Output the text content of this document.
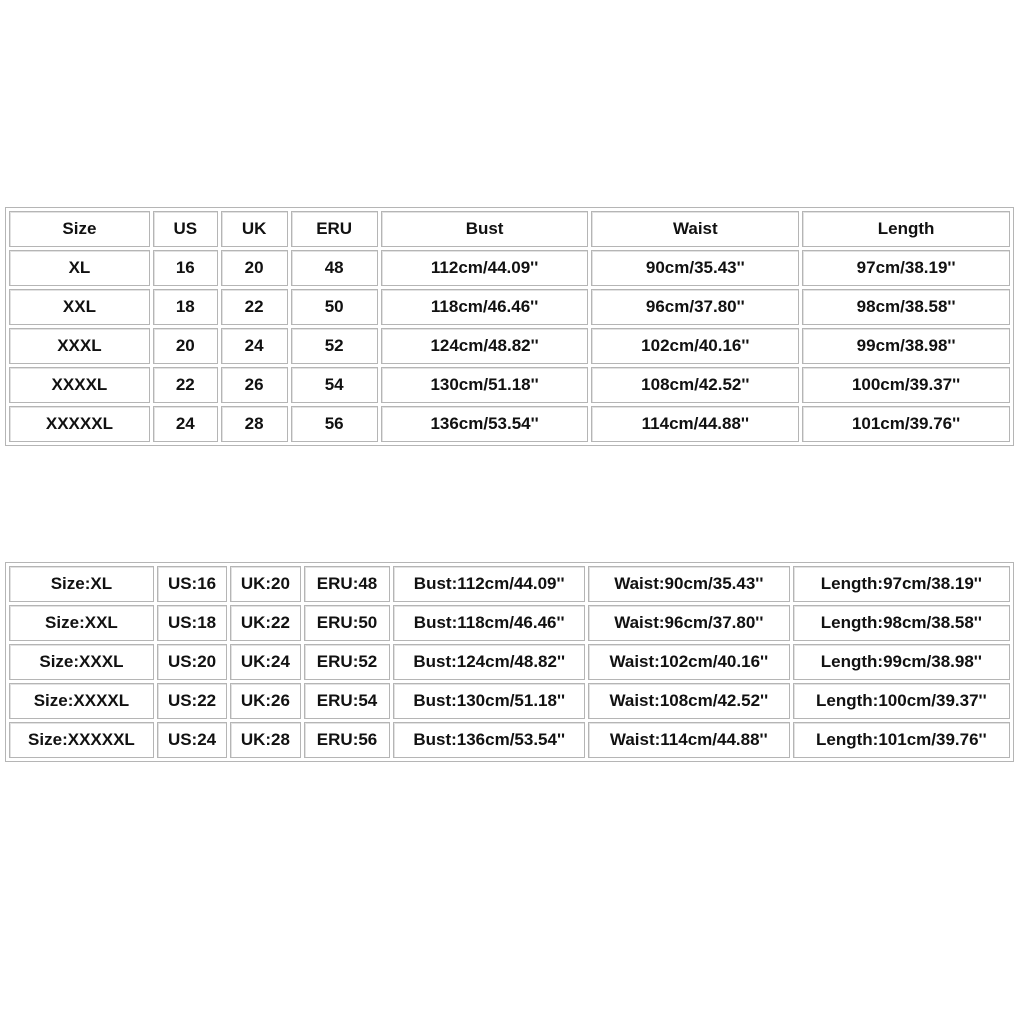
Size	US	UK	ERU	Bust	Waist	Length
XL	16	20	48	112cm/44.09''	90cm/35.43''	97cm/38.19''
XXL	18	22	50	118cm/46.46''	96cm/37.80''	98cm/38.58''
XXXL	20	24	52	124cm/48.82''	102cm/40.16''	99cm/38.98''
XXXXL	22	26	54	130cm/51.18''	108cm/42.52''	100cm/39.37''
XXXXXL	24	28	56	136cm/53.54''	114cm/44.88''	101cm/39.76''
Size:XL	US:16	UK:20	ERU:48	Bust:112cm/44.09''	Waist:90cm/35.43''	Length:97cm/38.19''
Size:XXL	US:18	UK:22	ERU:50	Bust:118cm/46.46''	Waist:96cm/37.80''	Length:98cm/38.58''
Size:XXXL	US:20	UK:24	ERU:52	Bust:124cm/48.82''	Waist:102cm/40.16''	Length:99cm/38.98''
Size:XXXXL	US:22	UK:26	ERU:54	Bust:130cm/51.18''	Waist:108cm/42.52''	Length:100cm/39.37''
Size:XXXXXL	US:24	UK:28	ERU:56	Bust:136cm/53.54''	Waist:114cm/44.88''	Length:101cm/39.76''
